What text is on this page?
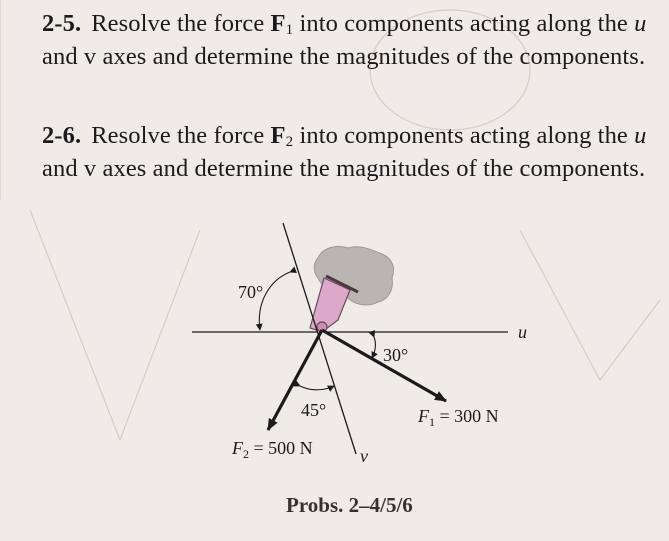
2-5. Resolve the force $F_1$ into components acting along the u and v axes and determine the magnitudes of the components.
2-6. Resolve the force $F_2$ into components acting along the u and v axes and determine the magnitudes of the components.
70°
30°
45°
u
v
$F_1 = 300$ N
$F_2 = 500$ N
Probs. 2–4/5/6
